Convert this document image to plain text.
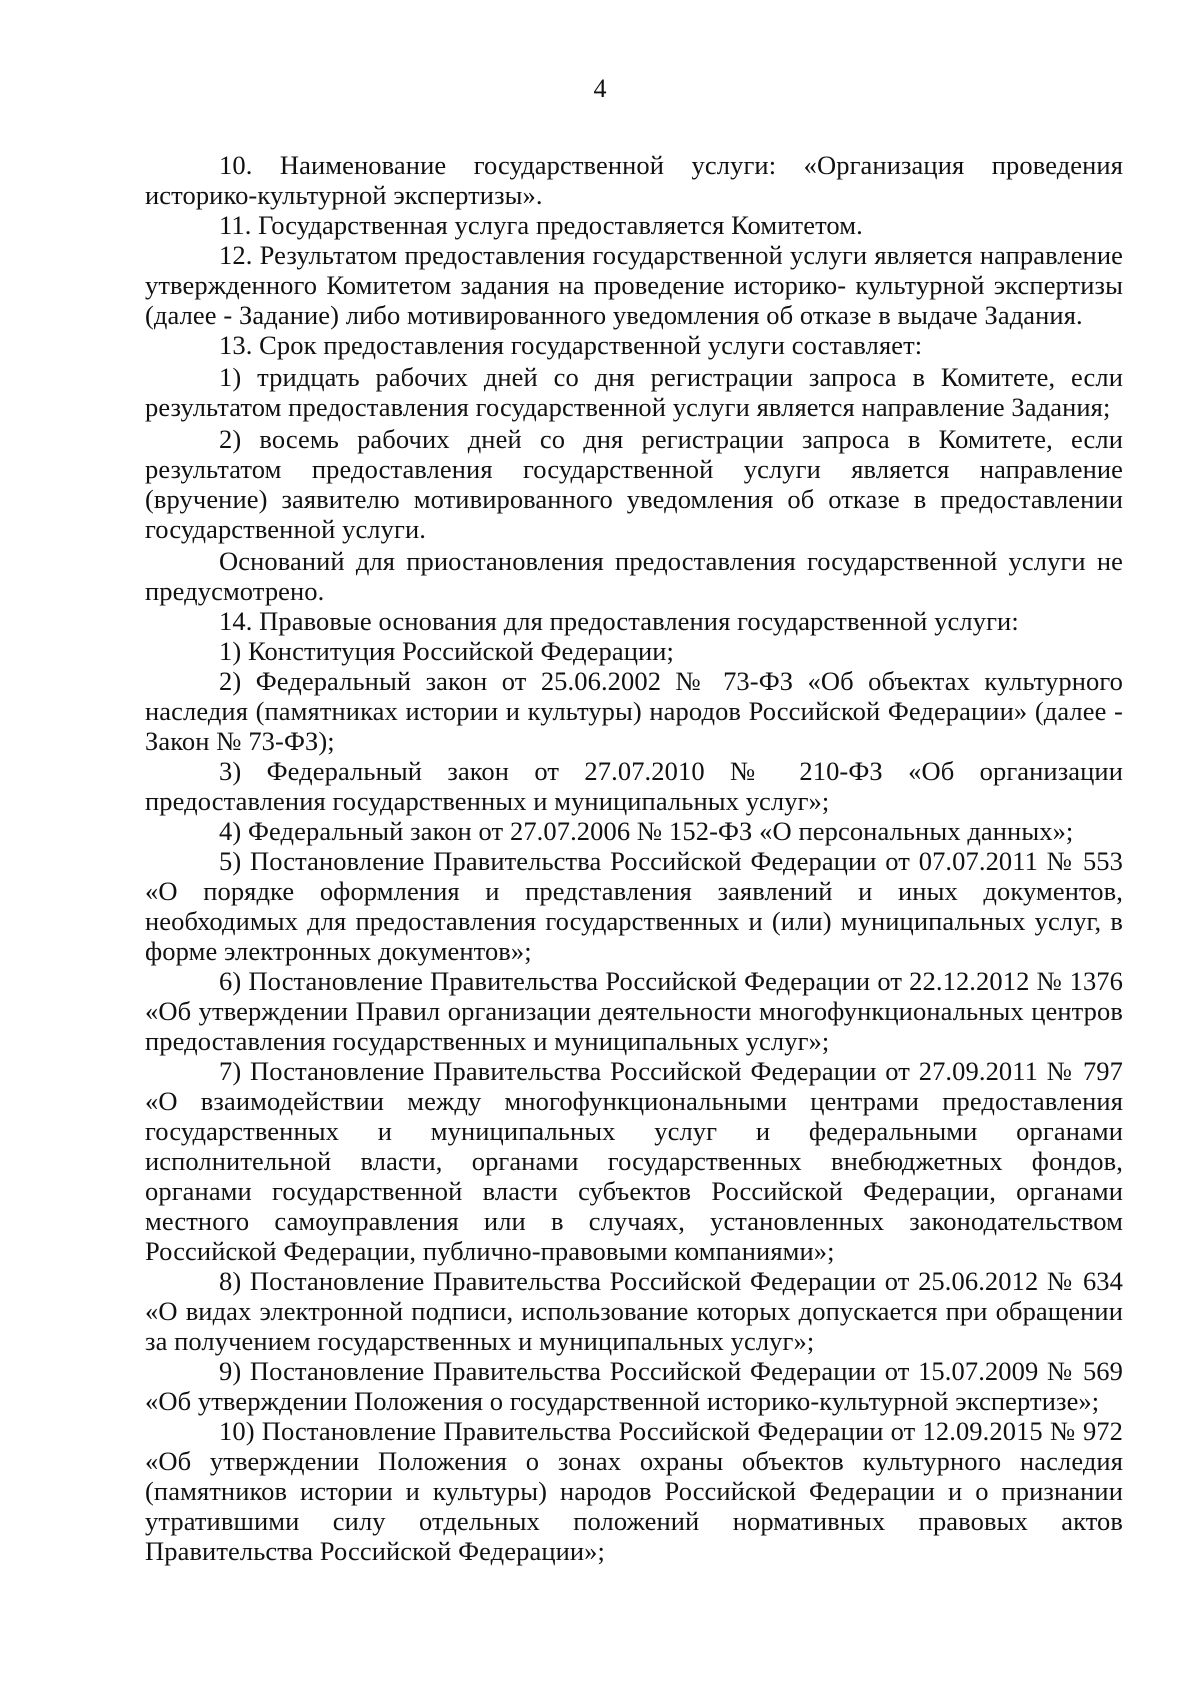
4

10. Наименование государственной услуги: «Организация проведения историко-культурной экспертизы».

11. Государственная услуга предоставляется Комитетом.

12. Результатом предоставления государственной услуги является направление утвержденного Комитетом задания на проведение историко- культурной экспертизы (далее - Задание) либо мотивированного уведомления об отказе в выдаче Задания.

13. Срок предоставления государственной услуги составляет:

1) тридцать рабочих дней со дня регистрации запроса в Комитете, если результатом предоставления государственной услуги является направление Задания;

2) восемь рабочих дней со дня регистрации запроса в Комитете, если результатом предоставления государственной услуги является направление (вручение) заявителю мотивированного уведомления об отказе в предоставлении государственной услуги.

Оснований для приостановления предоставления государственной услуги не предусмотрено.

14. Правовые основания для предоставления государственной услуги:

1) Конституция Российской Федерации;

2) Федеральный закон от 25.06.2002 № 73-ФЗ «Об объектах культурного наследия (памятниках истории и культуры) народов Российской Федерации» (далее - Закон № 73-ФЗ);

3) Федеральный закон от 27.07.2010 № 210-ФЗ «Об организации предоставления государственных и муниципальных услуг»;

4) Федеральный закон от 27.07.2006 № 152-ФЗ «О персональных данных»;

5) Постановление Правительства Российской Федерации от 07.07.2011 № 553 «О порядке оформления и представления заявлений и иных документов, необходимых для предоставления государственных и (или) муниципальных услуг, в форме электронных документов»;

6) Постановление Правительства Российской Федерации от 22.12.2012 № 1376 «Об утверждении Правил организации деятельности многофункциональных центров предоставления государственных и муниципальных услуг»;

7) Постановление Правительства Российской Федерации от 27.09.2011 № 797 «О взаимодействии между многофункциональными центрами предоставления государственных и муниципальных услуг и федеральными органами исполнительной власти, органами государственных внебюджетных фондов, органами государственной власти субъектов Российской Федерации, органами местного самоуправления или в случаях, установленных законодательством Российской Федерации, публично-правовыми компаниями»;

8) Постановление Правительства Российской Федерации от 25.06.2012 № 634 «О видах электронной подписи, использование которых допускается при обращении за получением государственных и муниципальных услуг»;

9) Постановление Правительства Российской Федерации от 15.07.2009 № 569 «Об утверждении Положения о государственной историко-культурной экспертизе»;

10) Постановление Правительства Российской Федерации от 12.09.2015 № 972 «Об утверждении Положения о зонах охраны объектов культурного наследия (памятников истории и культуры) народов Российской Федерации и о признании утратившими силу отдельных положений нормативных правовых актов Правительства Российской Федерации»;
